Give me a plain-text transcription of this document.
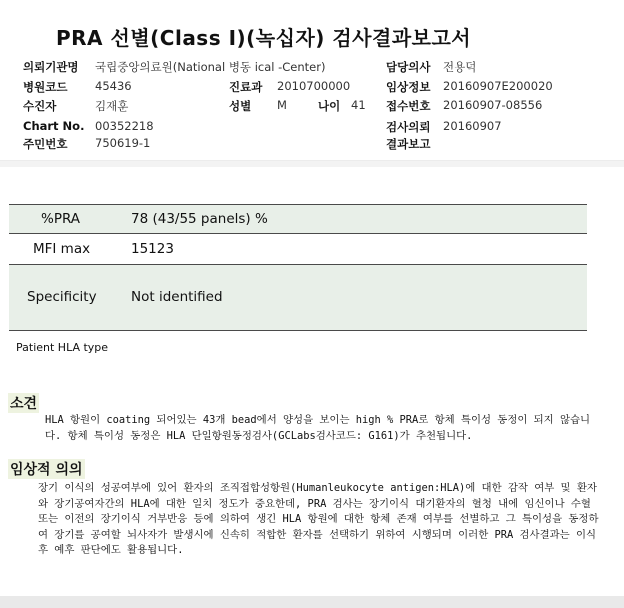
PRA 선별(Class I)(녹십자) 검사결과보고서
의뢰기관명 국립중앙의료원(National 병동 ical -Center)	담당의사 전용덕
병원코드 45436	진료과 2010700000	임상정보 20160907E200020
수진자	김재훈	성별 M	나이 41 접수번호 20160907-08556
Chart No. 00352218	검사의뢰 20160907
주민번호 750619-1	결과보고
%PRA	78 (43/55 panels) %
MFI max	15123
Specificity	Not identified
Patient HLA type
소견
HLA 항원이 coating 되어있는 43개 bead에서 양성을 보이는 high % PRA로 항체 특이성 동정이 되지 않습니다. 항체 특이성 동정은 HLA 단일항원동정검사(GCLabs검사코드: G161)가 추천됩니다.
임상적 의의
장기 이식의 성공여부에 있어 환자의 조직접합성항원(Humanleukocyte antigen:HLA)에 대한 감작 여부 및 환자와 장기공여자간의 HLA에 대한 일치 정도가 중요한데, PRA 검사는 장기이식 대기환자의 혈청 내에 임신이나 수혈 또는 이전의 장기이식 거부반응 등에 의하여 생긴 HLA 항원에 대한 항체 존재 여부를 선별하고 그 특이성을 동정하여 장기를 공여할 뇌사자가 발생시에 신속히 적합한 환자를 선택하기 위하여 시행되며 이러한 PRA 검사결과는 이식 후 예후 판단에도 활용됩니다.
